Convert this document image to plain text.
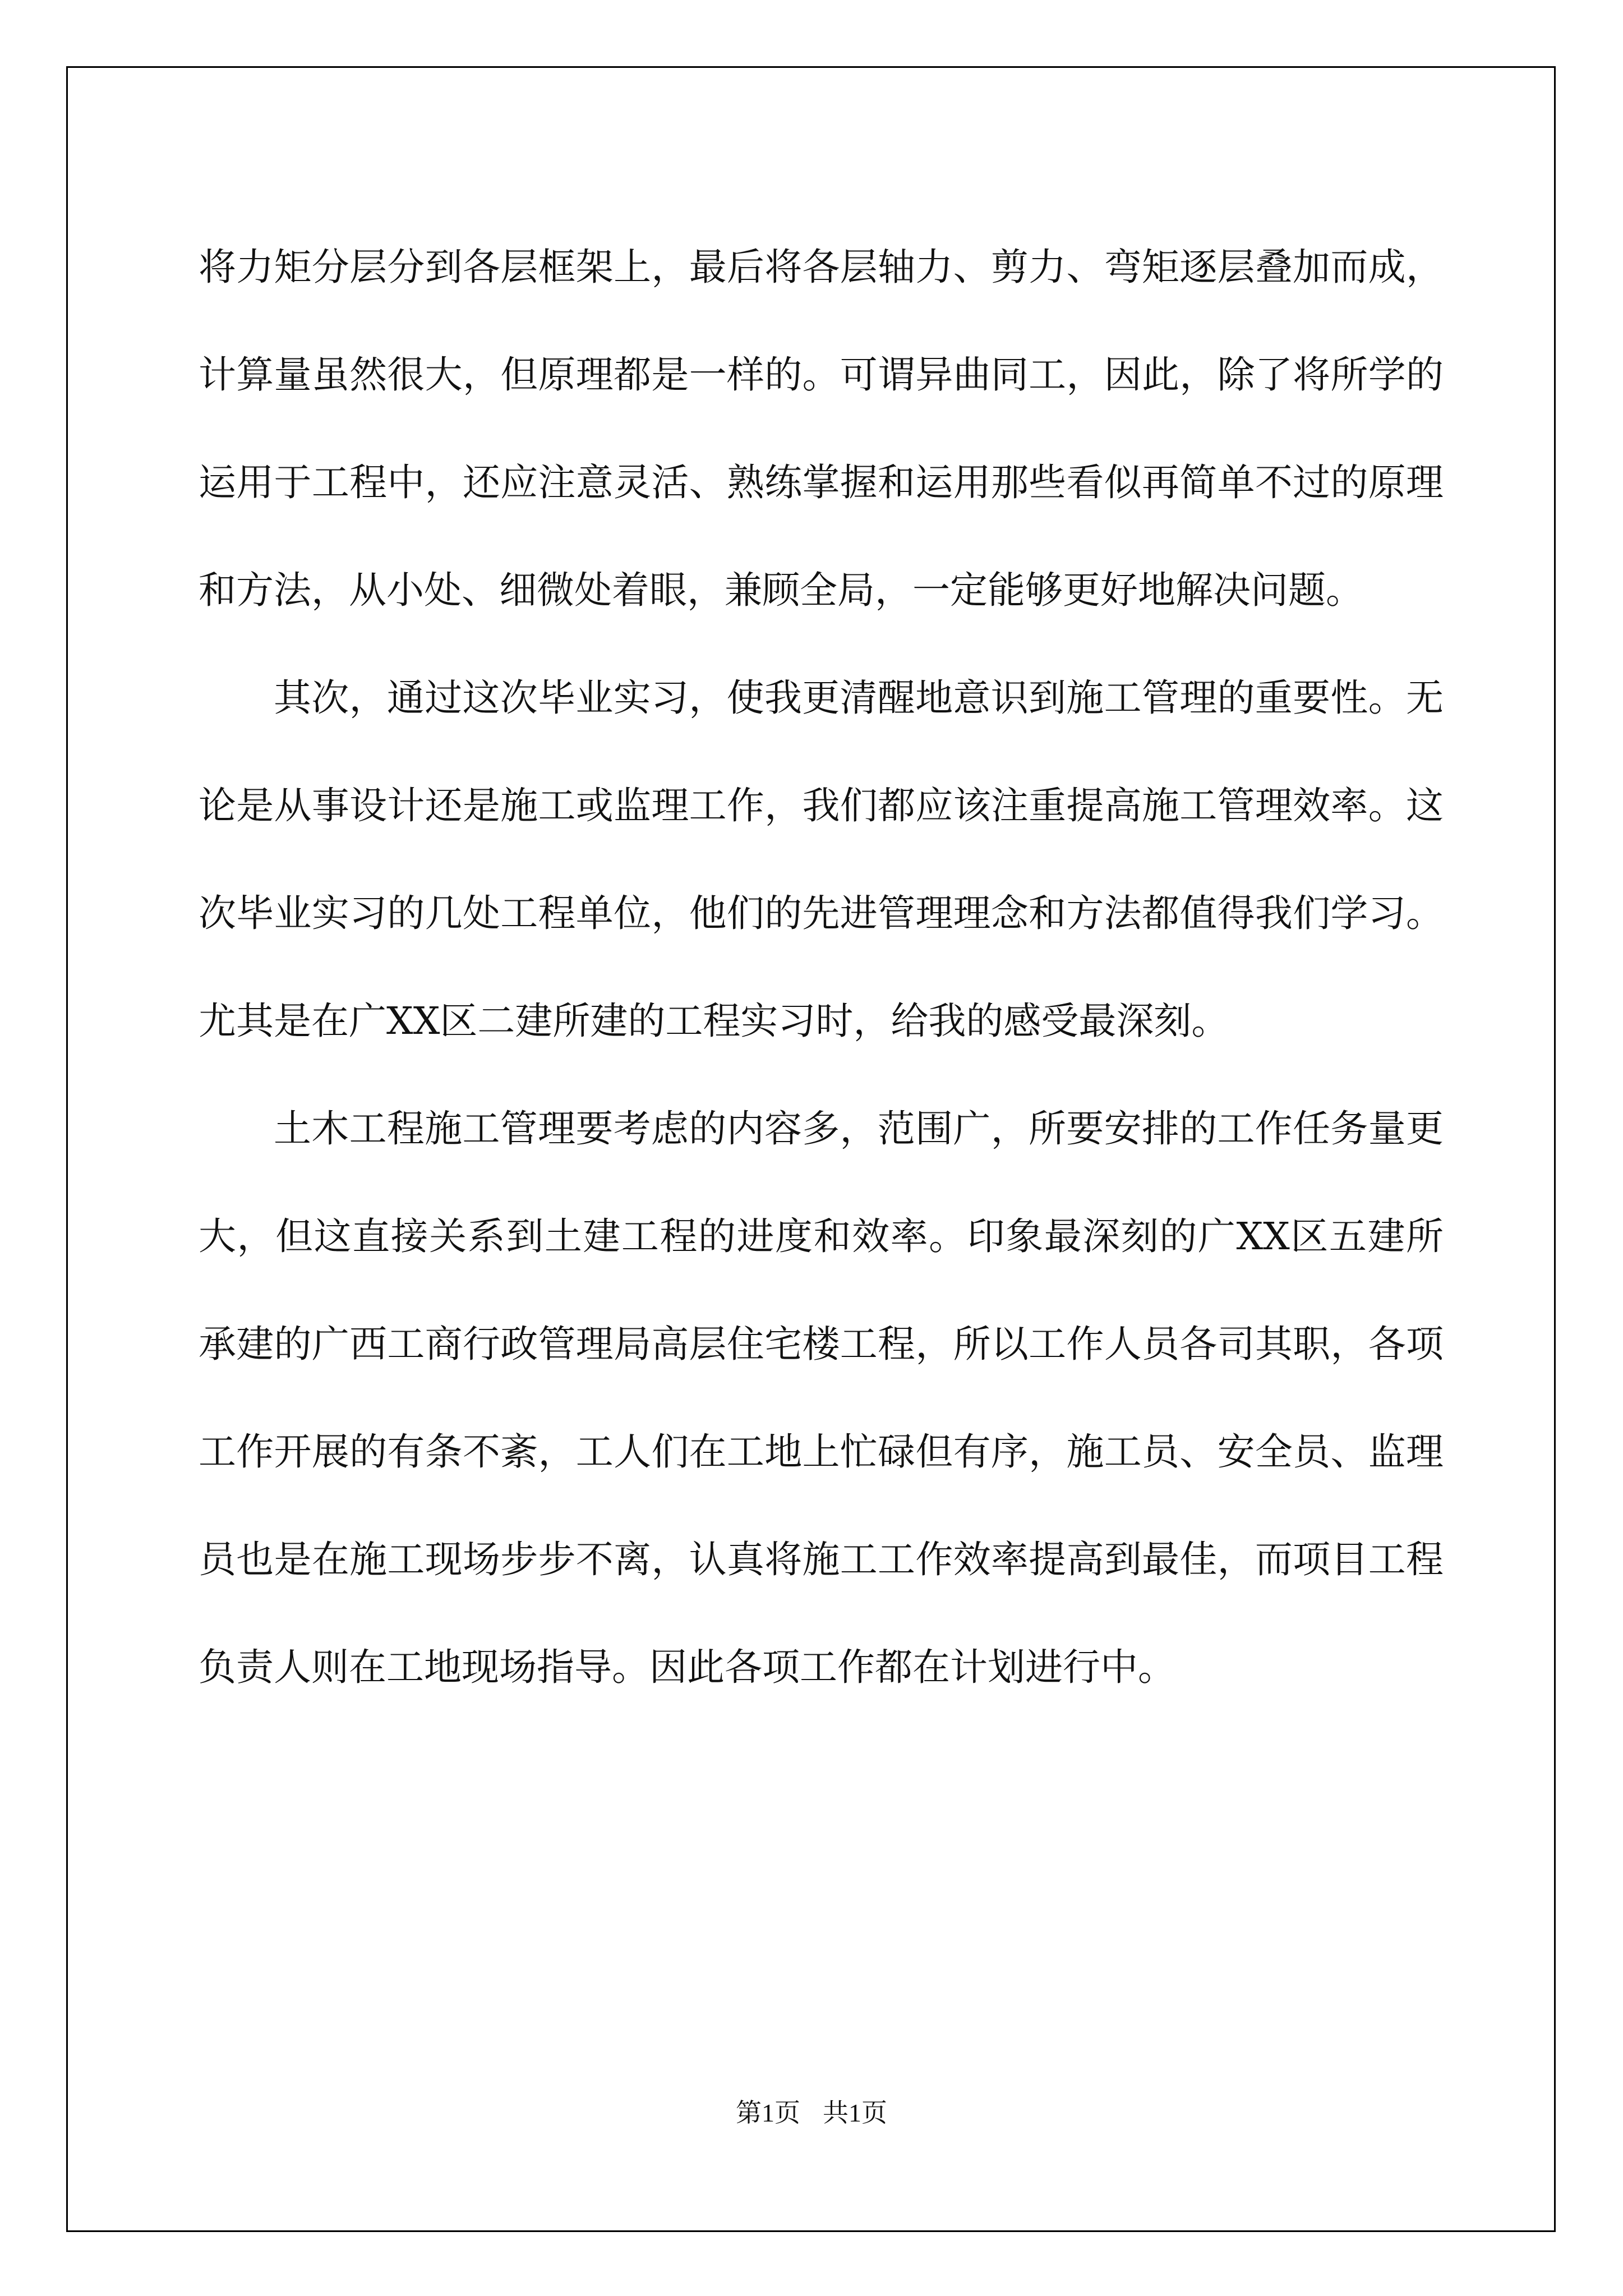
将力矩分层分到各层框架上，最后将各层轴力、剪力、弯矩逐层叠加而成，计算量虽然很大，但原理都是一样的。可谓异曲同工，因此，除了将所学的运用于工程中，还应注意灵活、熟练掌握和运用那些看似再简单不过的原理和方法，从小处、细微处着眼，兼顾全局，一定能够更好地解决问题。

其次，通过这次毕业实习，使我更清醒地意识到施工管理的重要性。无论是从事设计还是施工或监理工作，我们都应该注重提高施工管理效率。这次毕业实习的几处工程单位，他们的先进管理理念和方法都值得我们学习。尤其是在广XX区二建所建的工程实习时，给我的感受最深刻。

土木工程施工管理要考虑的内容多，范围广，所要安排的工作任务量更大，但这直接关系到土建工程的进度和效率。印象最深刻的广XX区五建所承建的广西工商行政管理局高层住宅楼工程，所以工作人员各司其职，各项工作开展的有条不紊，工人们在工地上忙碌但有序，施工员、安全员、监理员也是在施工现场步步不离，认真将施工工作效率提高到最佳，而项目工程负责人则在工地现场指导。因此各项工作都在计划进行中。

第1页 共1页
